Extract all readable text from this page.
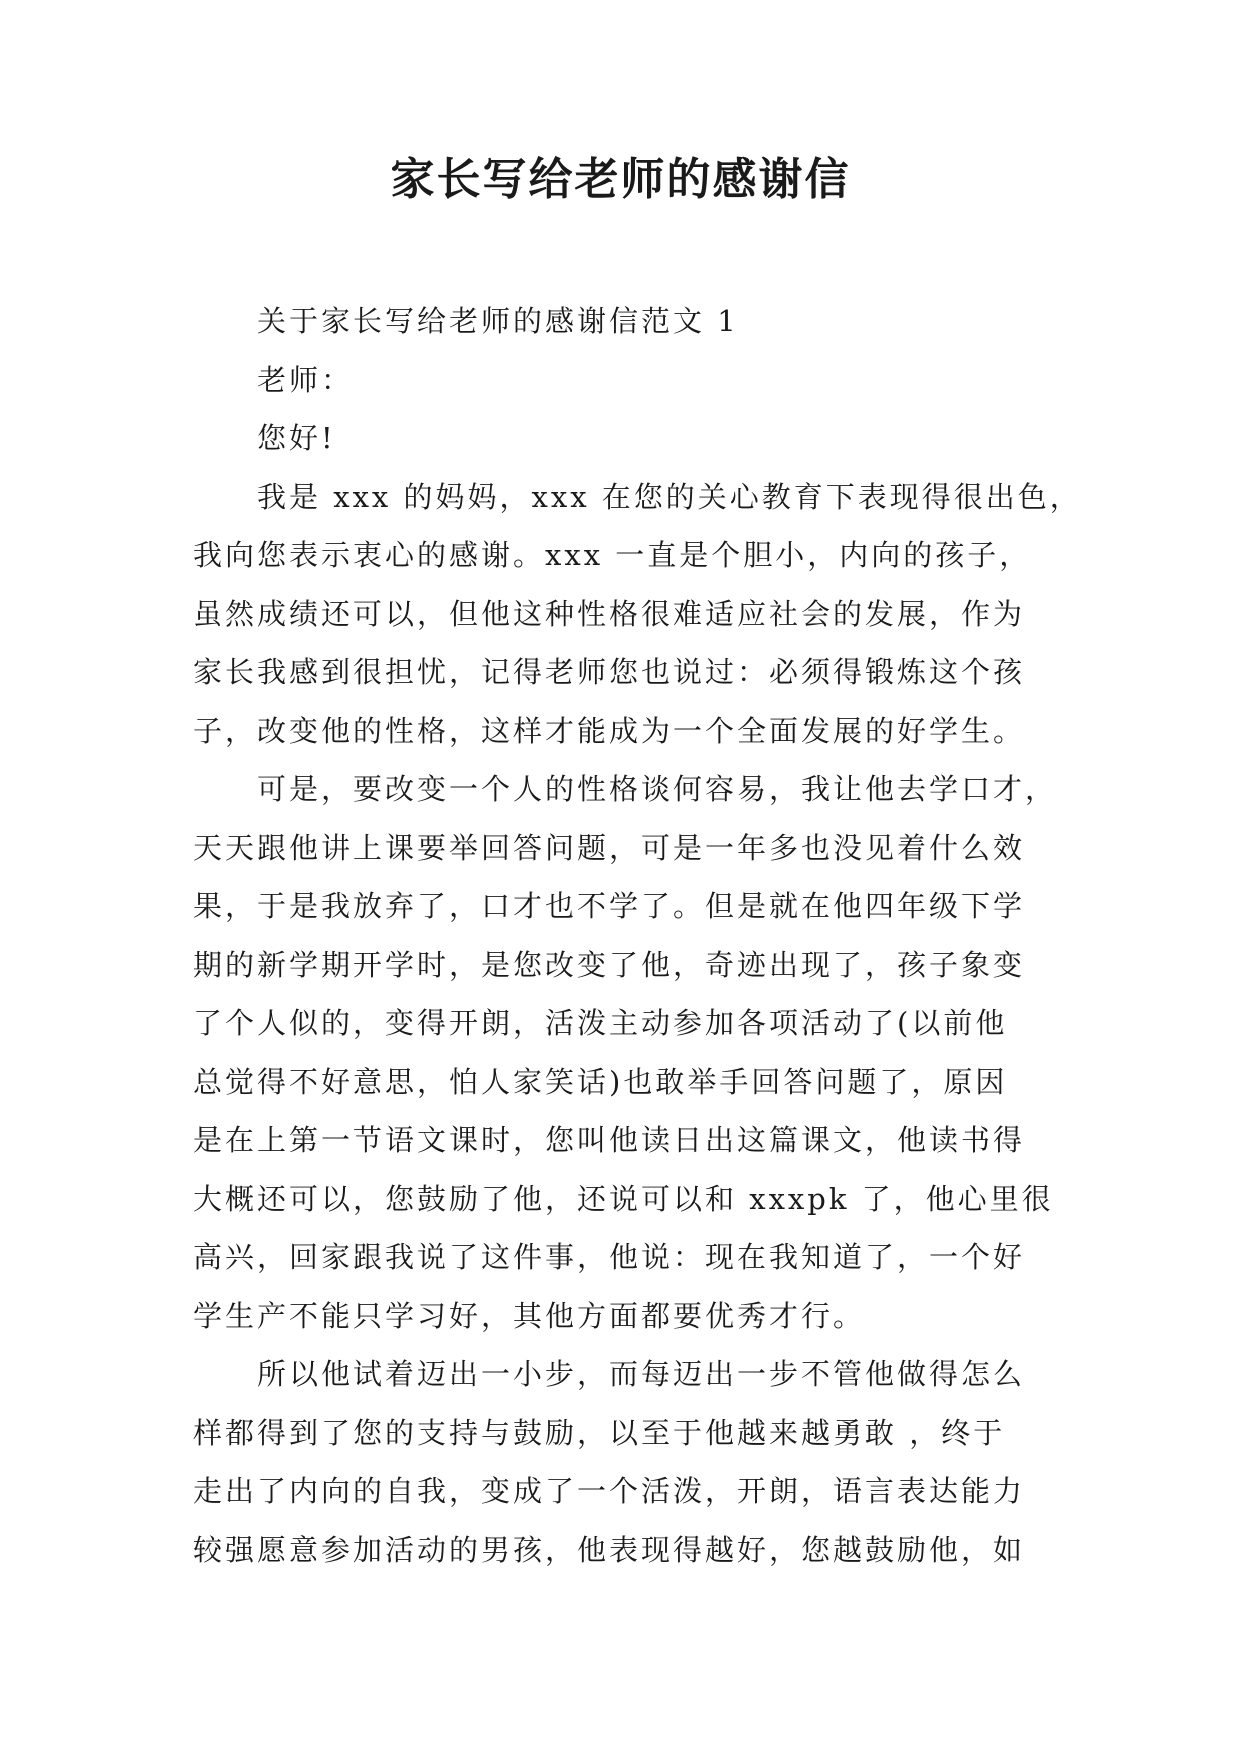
家长写给老师的感谢信
关于家长写给老师的感谢信范文 1
老师：
您好!
我是 xxx 的妈妈，xxx 在您的关心教育下表现得很出色，
我向您表示衷心的感谢。xxx 一直是个胆小，内向的孩子，
虽然成绩还可以，但他这种性格很难适应社会的发展，作为
家长我感到很担忧，记得老师您也说过：必须得锻炼这个孩
子，改变他的性格，这样才能成为一个全面发展的好学生。
可是，要改变一个人的性格谈何容易，我让他去学口才，
天天跟他讲上课要举回答问题，可是一年多也没见着什么效
果，于是我放弃了，口才也不学了。但是就在他四年级下学
期的新学期开学时，是您改变了他，奇迹出现了，孩子象变
了个人似的，变得开朗，活泼主动参加各项活动了(以前他
总觉得不好意思，怕人家笑话)也敢举手回答问题了，原因
是在上第一节语文课时，您叫他读日出这篇课文，他读书得
大概还可以，您鼓励了他，还说可以和 xxxpk 了，他心里很
高兴，回家跟我说了这件事，他说：现在我知道了，一个好
学生产不能只学习好，其他方面都要优秀才行。
所以他试着迈出一小步，而每迈出一步不管他做得怎么
样都得到了您的支持与鼓励，以至于他越来越勇敢 ，终于
走出了内向的自我，变成了一个活泼，开朗，语言表达能力
较强愿意参加活动的男孩，他表现得越好，您越鼓励他，如
